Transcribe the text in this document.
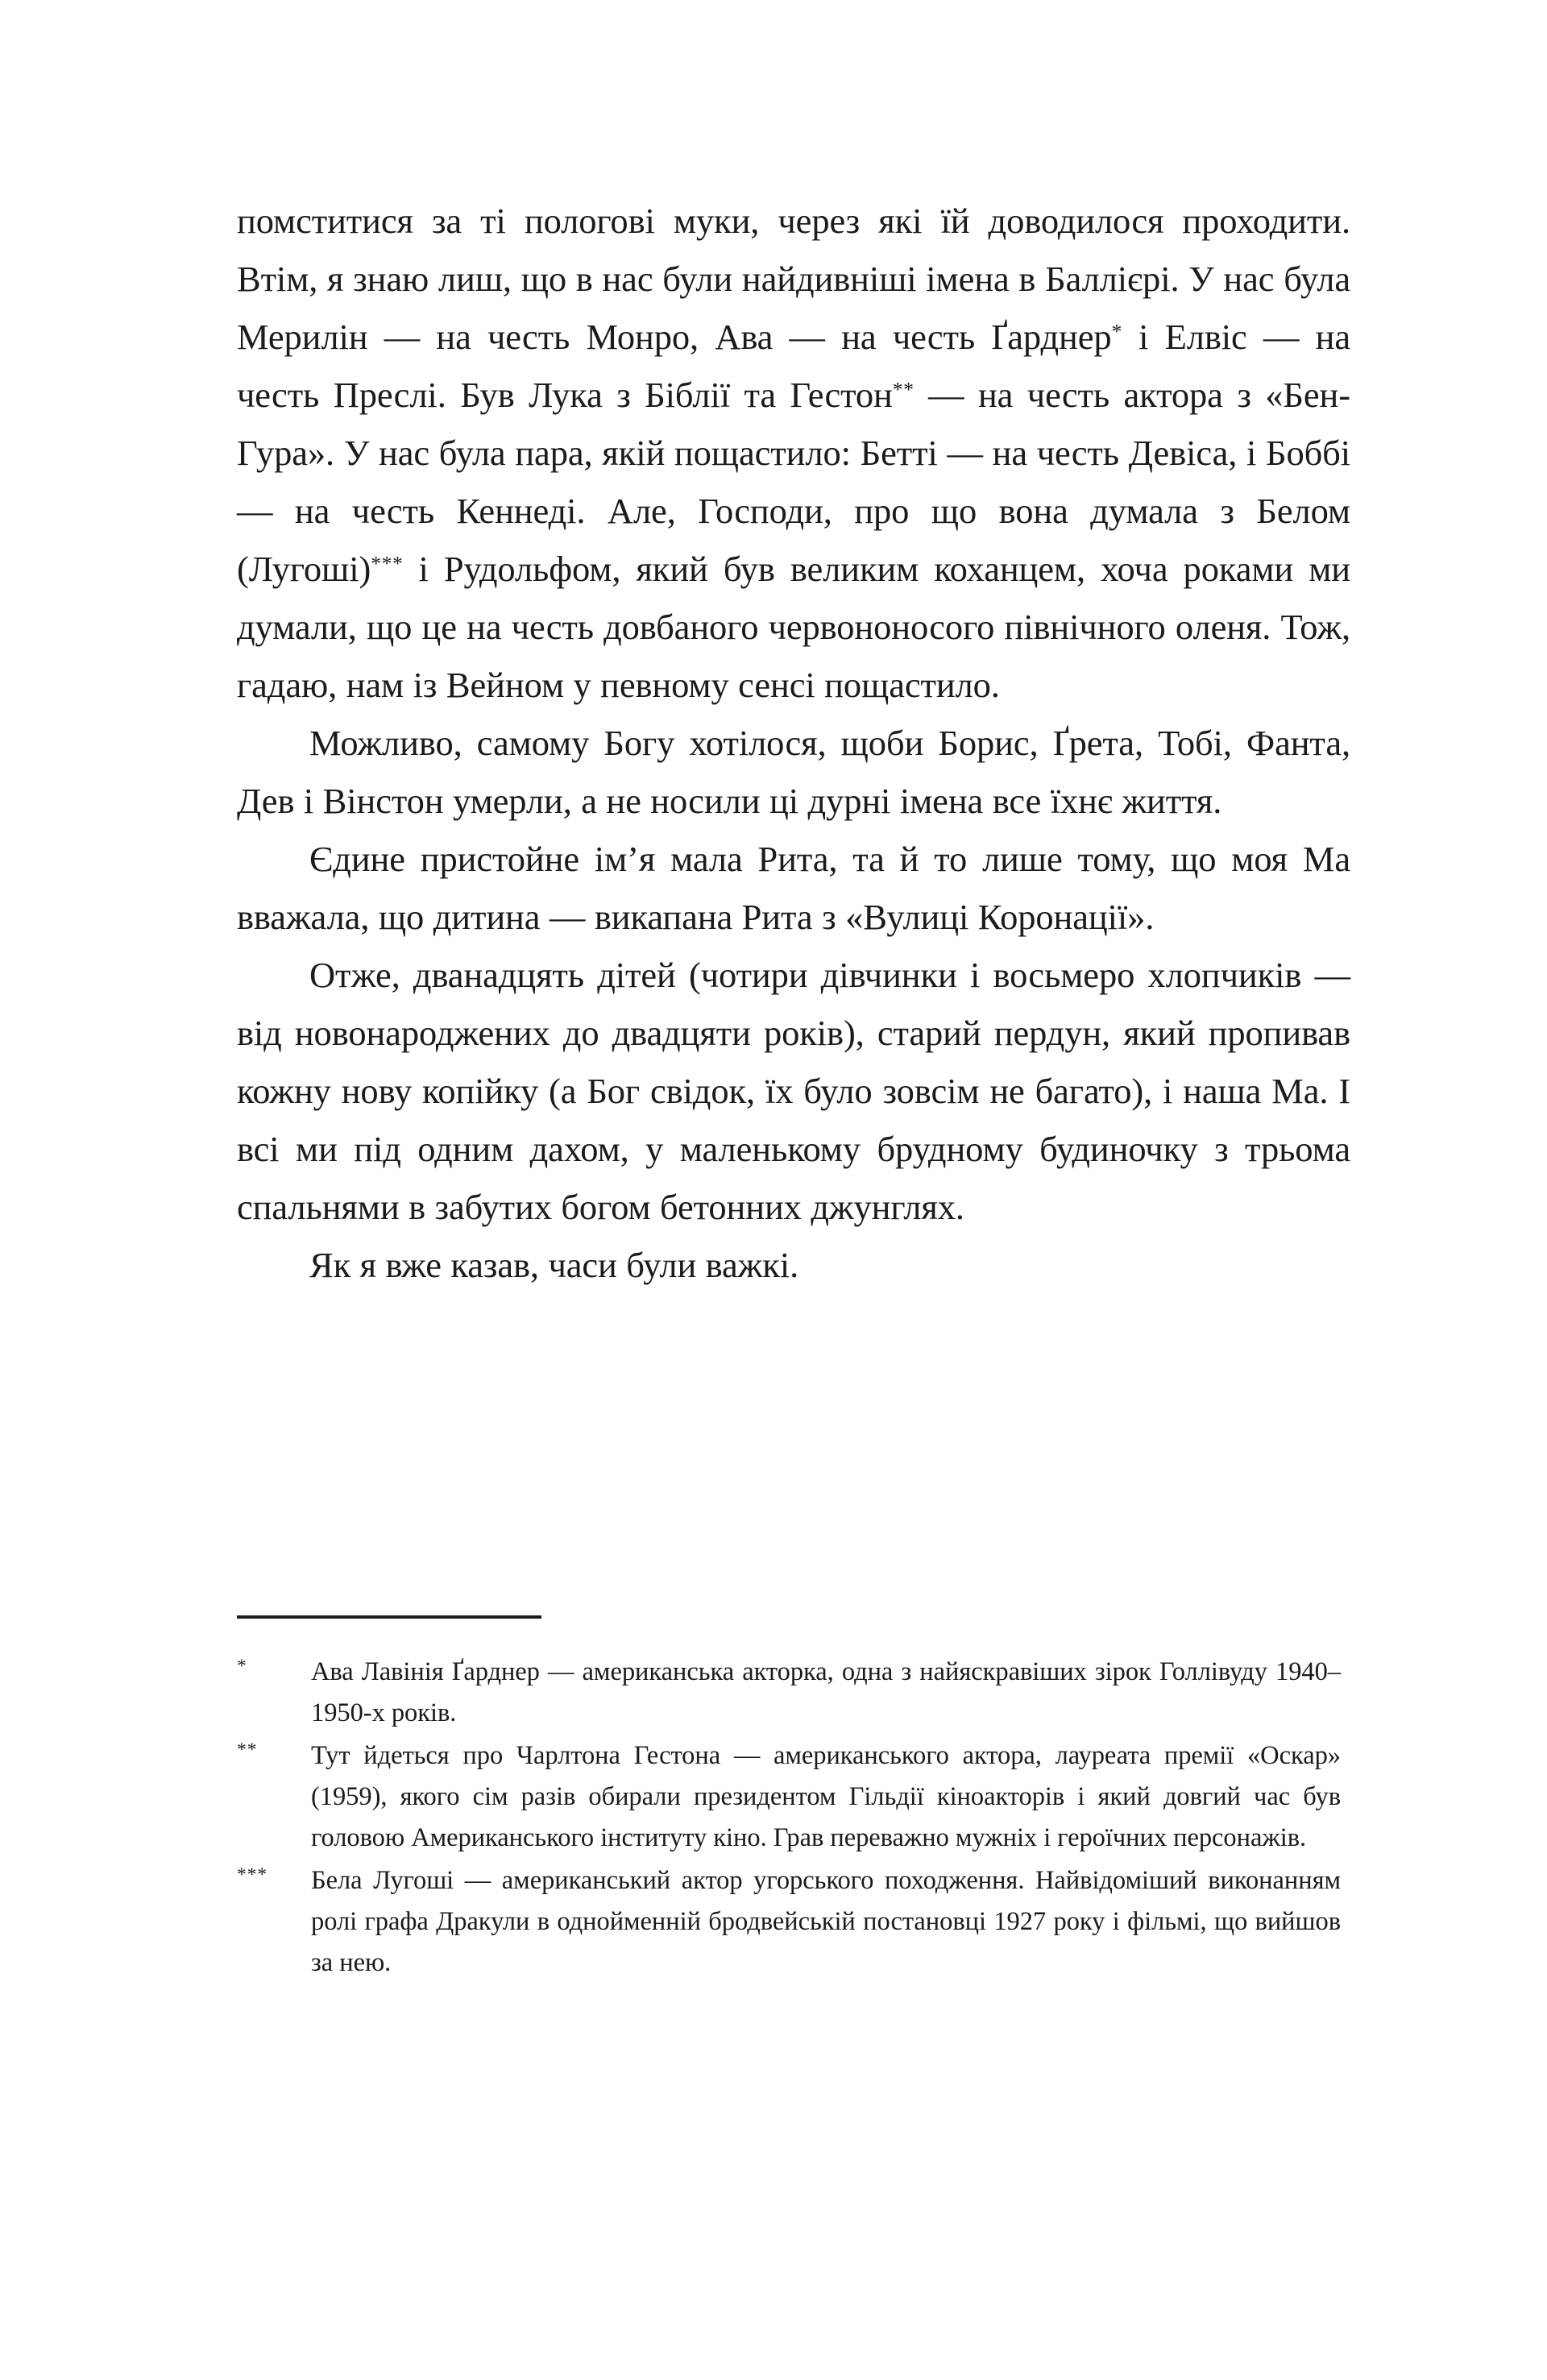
помститися за ті пологові муки, через які їй доводилося проходити. Втім, я знаю лиш, що в нас були найдивніші імена в Баллієрі. У нас була Мерилін — на честь Монро, Ава — на честь Ґарднер* і Елвіс — на честь Преслі. Був Лука з Біблії та Гестон** — на честь актора з «Бен-Гура». У нас була пара, якій пощастило: Бетті — на честь Девіса, і Боббі — на честь Кеннеді. Але, Господи, про що вона думала з Белом (Лугоші)*** і Рудольфом, який був великим коханцем, хоча роками ми думали, що це на честь довбаного червононосого північного оленя. Тож, гадаю, нам із Вейном у певному сенсі пощастило.

Можливо, самому Богу хотілося, щоби Борис, Ґрета, Тобі, Фанта, Дев і Вінстон умерли, а не носили ці дурні імена все їхнє життя.

Єдине пристойне ім’я мала Рита, та й то лише тому, що моя Ма вважала, що дитина — викапана Рита з «Вулиці Коронації».

Отже, дванадцять дітей (чотири дівчинки і восьмеро хлопчиків — від новонароджених до двадцяти років), старий пердун, який пропивав кожну нову копійку (а Бог свідок, їх було зовсім не багато), і наша Ма. І всі ми під одним дахом, у маленькому брудному будиночку з трьома спальнями в забутих богом бетонних джунглях.

Як я вже казав, часи були важкі.

*	Ава Лавінія Ґарднер — американська акторка, одна з найяскравіших зірок Голлівуду 1940–1950-х років.

**	Тут йдеться про Чарлтона Гестона — американського актора, лауреата премії «Оскар» (1959), якого сім разів обирали президентом Гільдії кіноакторів і який довгий час був головою Американського інституту кіно. Грав переважно мужніх і героїчних персонажів.

***	Бела Лугоші — американський актор угорського походження. Найвідоміший виконанням ролі графа Дракули в однойменній бродвейській постановці 1927 року і фільмі, що вийшов за нею.
